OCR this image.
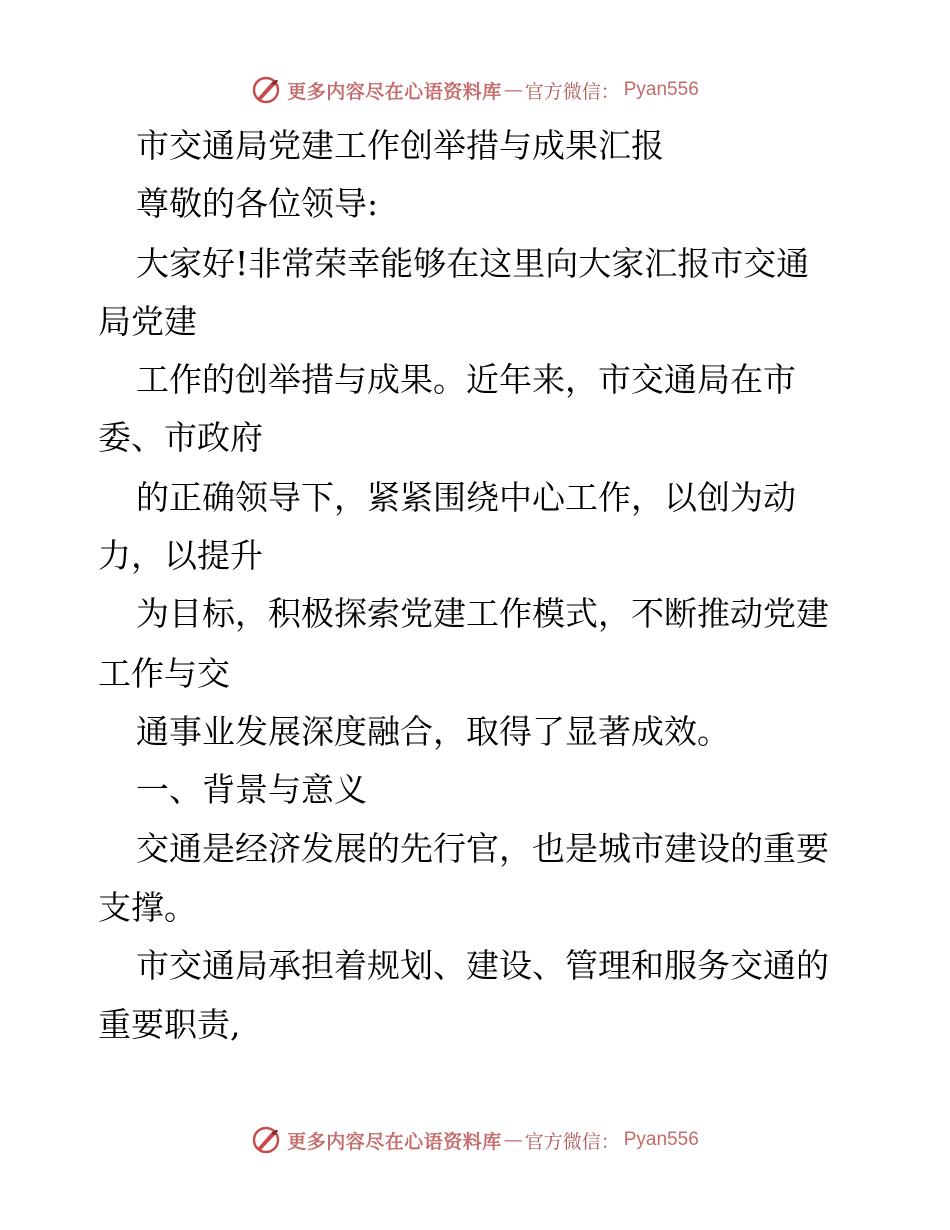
更多内容尽在心语资料库 — 官方微信： Pyan556
市交通局党建工作创举措与成果汇报
尊敬的各位领导:
大家好!非常荣幸能够在这里向大家汇报市交通
局党建
工作的创举措与成果。近年来，市交通局在市
委、市政府
的正确领导下，紧紧围绕中心工作，以创为动
力，以提升
为目标，积极探索党建工作模式，不断推动党建
工作与交
通事业发展深度融合，取得了显著成效。
一、背景与意义
交通是经济发展的先行官，也是城市建设的重要
支撑。
市交通局承担着规划、建设、管理和服务交通的
重要职责,
更多内容尽在心语资料库 — 官方微信： Pyan556
